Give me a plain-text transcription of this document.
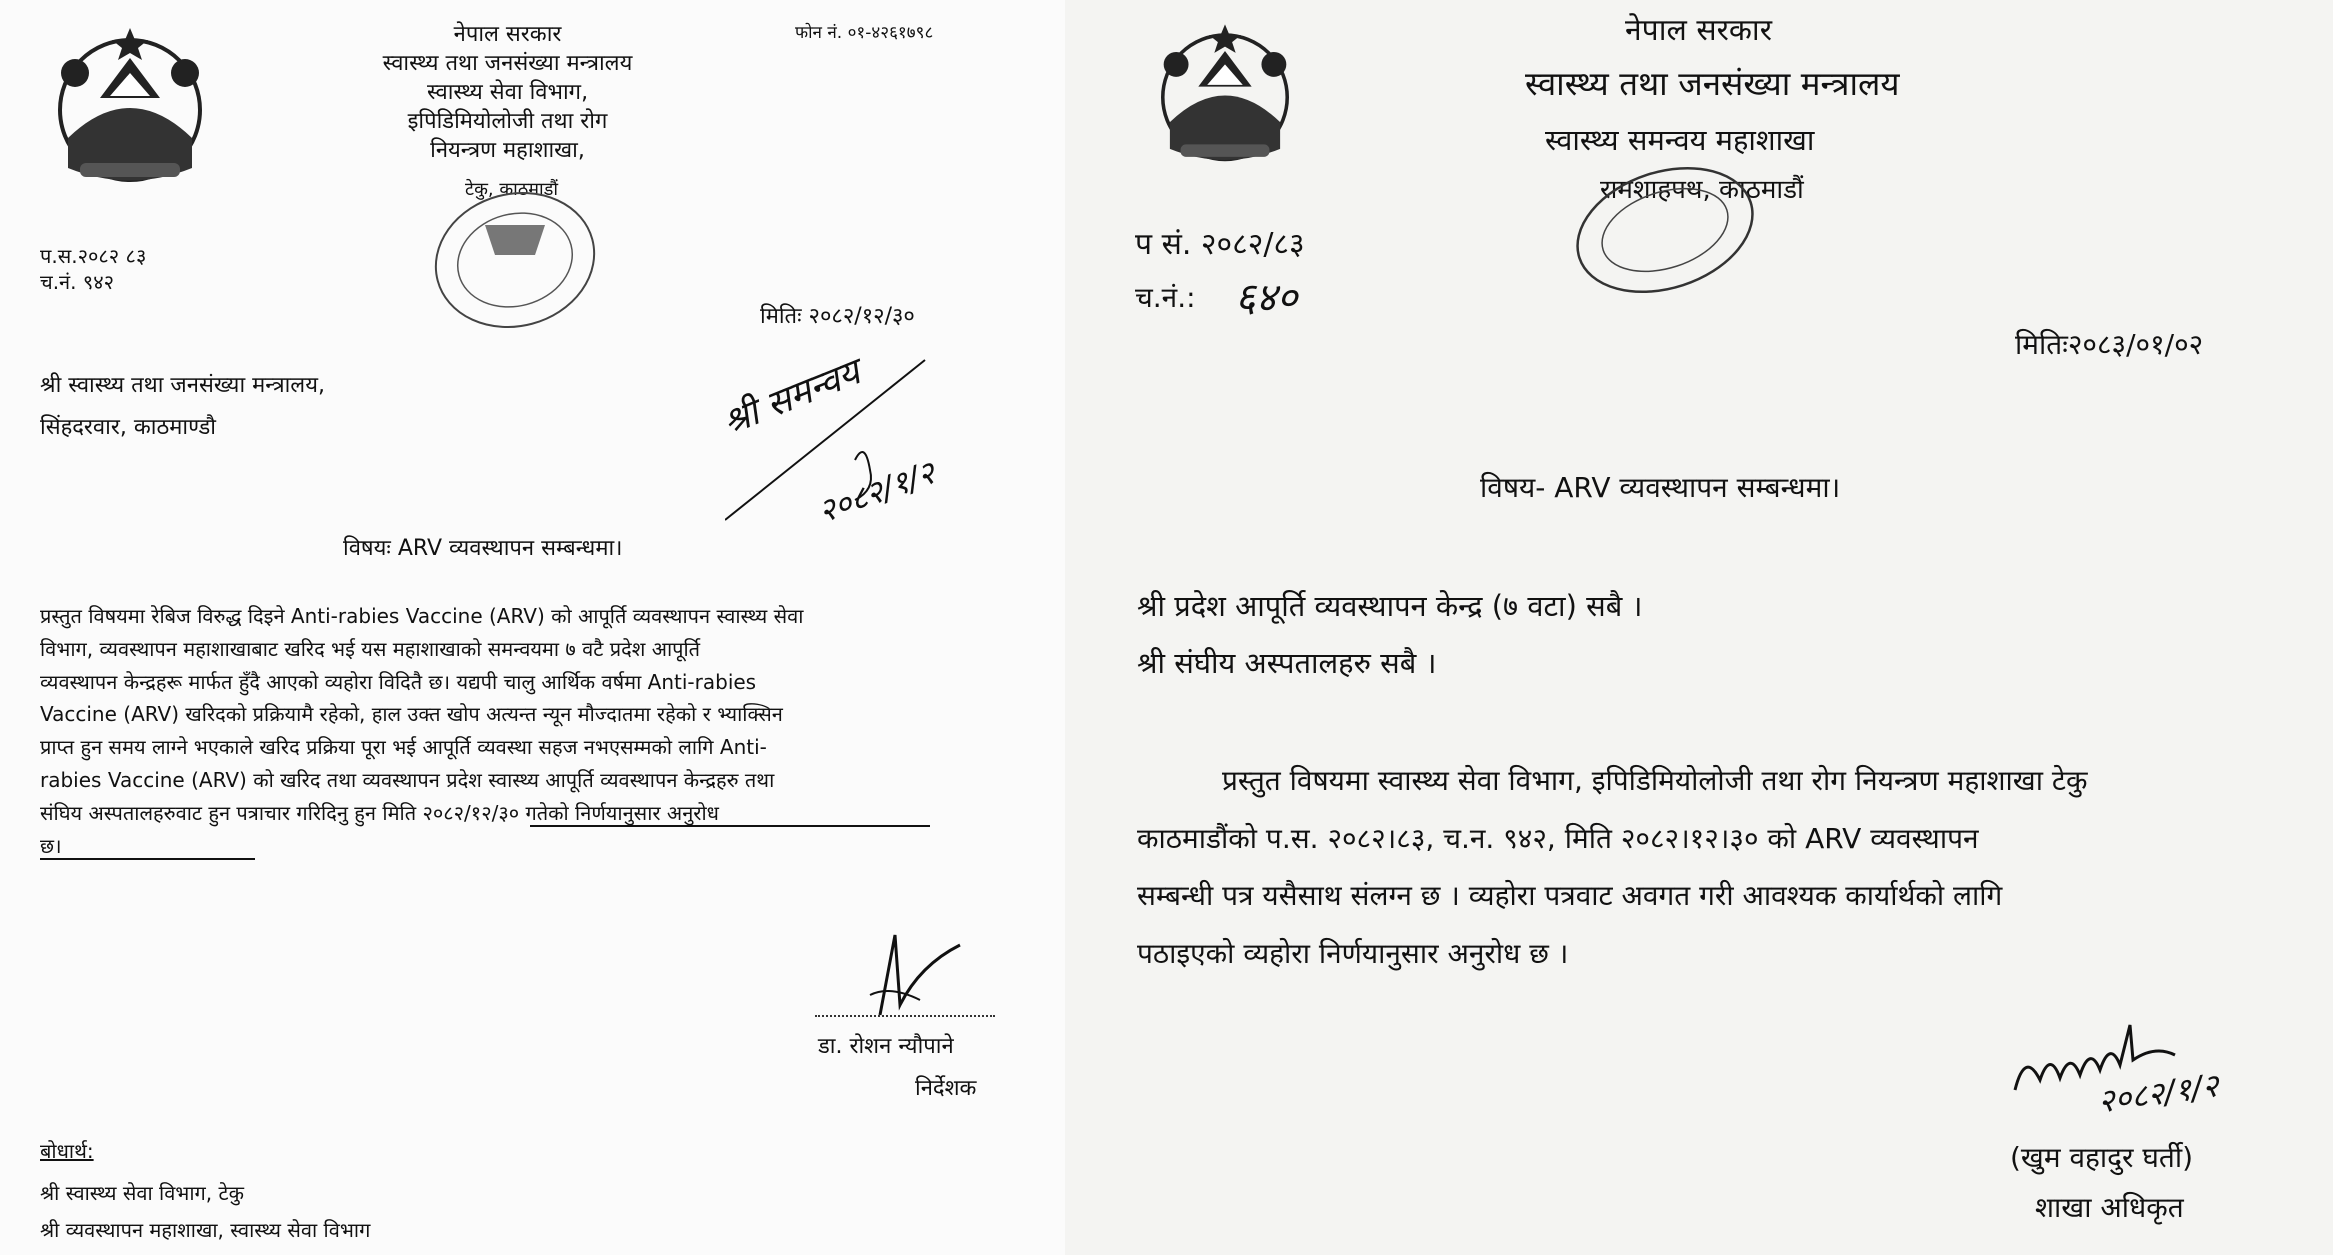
नेपाल सरकार
स्वास्थ्य तथा जनसंख्या मन्त्रालय
स्वास्थ्य सेवा विभाग,
इपिडिमियोलोजी तथा रोग
नियन्त्रण महाशाखा,
टेकु, काठमाडौं
फोन नं. ०१-४२६१७९८
प.स.२०८२ ८३
च.नं. ९४२
मितिः २०८२/१२/३०
श्री स्वास्थ्य तथा जनसंख्या मन्त्रालय,
सिंहदरवार, काठमाण्डौ	श्री समन्वय
२०८२/१/२
विषयः ARV व्यवस्थापन सम्बन्धमा।
प्रस्तुत विषयमा रेबिज विरुद्ध दिइने Anti-rabies Vaccine (ARV) को आपूर्ति व्यवस्थापन स्वास्थ्य सेवा
विभाग, व्यवस्थापन महाशाखाबाट खरिद भई यस महाशाखाको समन्वयमा ७ वटै प्रदेश आपूर्ति
व्यवस्थापन केन्द्रहरू मार्फत हुँदै आएको व्यहोरा विदितै छ। यद्यपी चालु आर्थिक वर्षमा Anti-rabies
Vaccine (ARV) खरिदको प्रक्रियामै रहेको, हाल उक्त खोप अत्यन्त न्यून मौज्दातमा रहेको र भ्याक्सिन
प्राप्त हुन समय लाग्ने भएकाले खरिद प्रक्रिया पूरा भई आपूर्ति व्यवस्था सहज नभएसम्मको लागि Anti-
rabies Vaccine (ARV) को खरिद तथा व्यवस्थापन प्रदेश स्वास्थ्य आपूर्ति व्यवस्थापन केन्द्रहरु तथा
संघिय अस्पतालहरुवाट हुन पत्राचार गरिदिनु हुन मिति २०८२/१२/३० गतेको निर्णयानुसार अनुरोध
छ।
डा. रोशन न्यौपाने
निर्देशक
बोधार्थ:
श्री स्वास्थ्य सेवा विभाग, टेकु
श्री व्यवस्थापन महाशाखा, स्वास्थ्य सेवा विभाग
नेपाल सरकार
स्वास्थ्य तथा जनसंख्या मन्त्रालय
स्वास्थ्य समन्वय महाशाखा
रामशाहपथ, काठमाडौं
प सं. २०८२/८३
च.नं.: ६४०
मितिः२०८३/०१/०२
विषय- ARV व्यवस्थापन सम्बन्धमा।
श्री प्रदेश आपूर्ति व्यवस्थापन केन्द्र (७ वटा) सबै ।
श्री संघीय अस्पतालहरु सबै ।
प्रस्तुत विषयमा स्वास्थ्य सेवा विभाग, इपिडिमियोलोजी तथा रोग नियन्त्रण महाशाखा टेकु
काठमाडौंको प.स. २०८२।८३, च.न. ९४२, मिति २०८२।१२।३० को ARV व्यवस्थापन
सम्बन्धी पत्र यसैसाथ संलग्न छ । व्यहोरा पत्रवाट अवगत गरी आवश्यक कार्यार्थको लागि
पठाइएको व्यहोरा निर्णयानुसार अनुरोध छ ।
२०८२/१/२
(खुम वहादुर घर्ती)
शाखा अधिकृत
